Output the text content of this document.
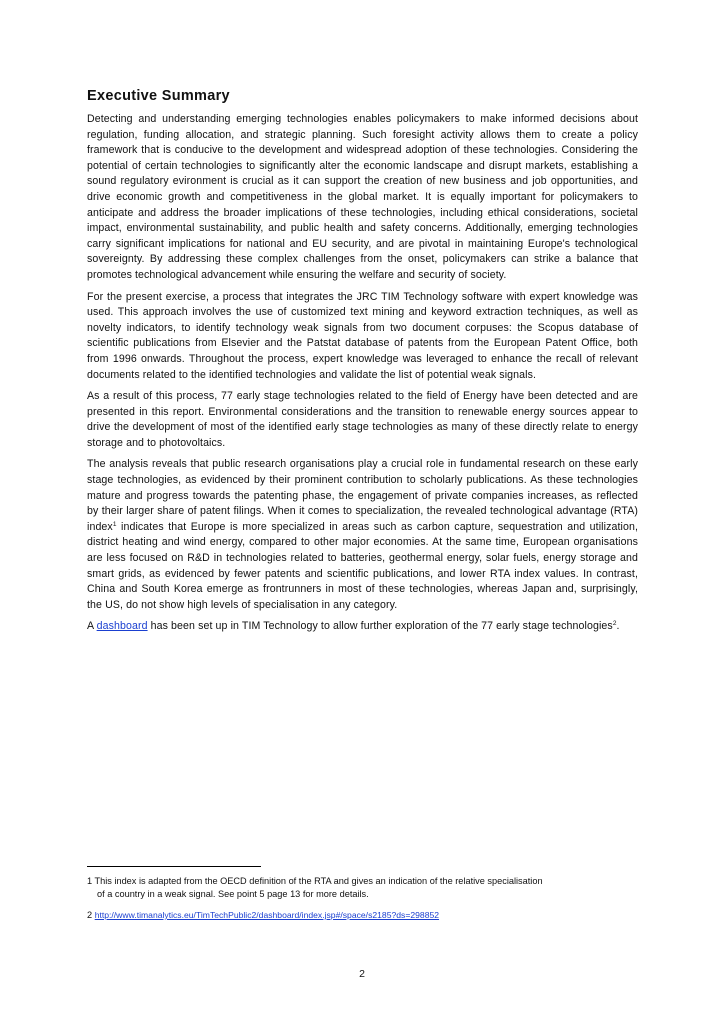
Executive Summary

Detecting and understanding emerging technologies enables policymakers to make informed decisions about regulation, funding allocation, and strategic planning. Such foresight activity allows them to create a policy framework that is conducive to the development and widespread adoption of these technologies. Considering the potential of certain technologies to significantly alter the economic landscape and disrupt markets, establishing a sound regulatory evironment is crucial as it can support the creation of new business and job opportunities, and drive economic growth and competitiveness in the global market. It is equally important for policymakers to anticipate and address the broader implications of these technologies, including ethical considerations, societal impact, environmental sustainability, and public health and safety concerns. Additionally, emerging technologies carry significant implications for national and EU security, and are pivotal in maintaining Europe's technological sovereignty. By addressing these complex challenges from the onset, policymakers can strike a balance that promotes technological advancement while ensuring the welfare and security of society.

For the present exercise, a process that integrates the JRC TIM Technology software with expert knowledge was used. This approach involves the use of customized text mining and keyword extraction techniques, as well as novelty indicators, to identify technology weak signals from two document corpuses: the Scopus database of scientific publications from Elsevier and the Patstat database of patents from the European Patent Office, both from 1996 onwards. Throughout the process, expert knowledge was leveraged to enhance the recall of relevant documents related to the identified technologies and validate the list of potential weak signals.

As a result of this process, 77 early stage technologies related to the field of Energy have been detected and are presented in this report. Environmental considerations and the transition to renewable energy sources appear to drive the development of most of the identified early stage technologies as many of these directly relate to energy storage and to photovoltaics.

The analysis reveals that public research organisations play a crucial role in fundamental research on these early stage technologies, as evidenced by their prominent contribution to scholarly publications. As these technologies mature and progress towards the patenting phase, the engagement of private companies increases, as reflected by their larger share of patent filings. When it comes to specialization, the revealed technological advantage (RTA) index$^1$ indicates that Europe is more specialized in areas such as carbon capture, sequestration and utilization, district heating and wind energy, compared to other major economies. At the same time, European organisations are less focused on R&D in technologies related to batteries, geothermal energy, solar fuels, energy storage and smart grids, as evidenced by fewer patents and scientific publications, and lower RTA index values. In contrast, China and South Korea emerge as frontrunners in most of these technologies, whereas Japan and, surprisingly, the US, do not show high levels of specialisation in any category.

A dashboard has been set up in TIM Technology to allow further exploration of the 77 early stage technologies$^2$.

1 This index is adapted from the OECD definition of the RTA and gives an indication of the relative specialisation
of a country in a weak signal. See point 5 page 13 for more details.
2 http://www.timanalytics.eu/TimTechPublic2/dashboard/index.jsp#/space/s2185?ds=298852
2
